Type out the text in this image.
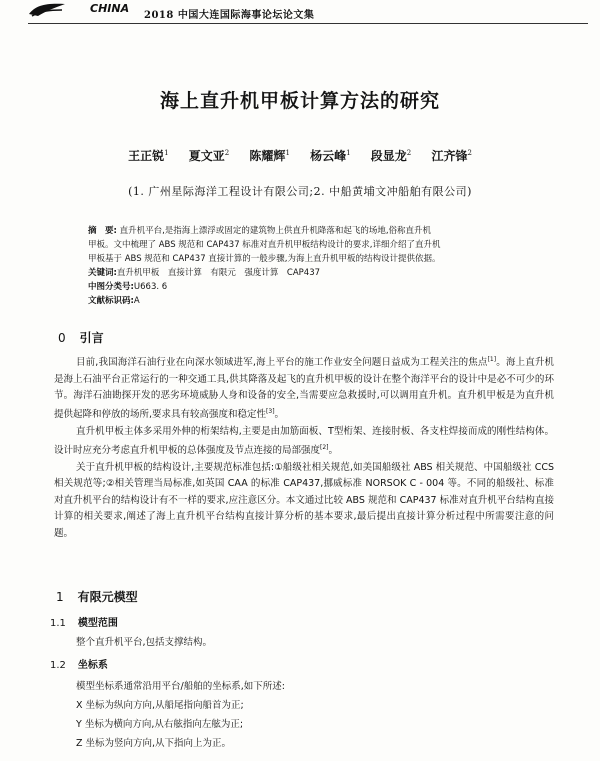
CHINA
2018 中国大连国际海事论坛论文集
海上直升机甲板计算方法的研究
王正锐$^1$ 夏文亚$^2$ 陈耀辉$^1$ 杨云峰$^1$ 段显龙$^2$ 江齐锋$^2$
(1. 广州星际海洋工程设计有限公司;2. 中船黄埔文冲船舶有限公司)
摘　要: 直升机平台,是指海上漂浮或固定的建筑物上供直升机降落和起飞的场地,俗称直升机
甲板。文中梳理了 ABS 规范和 CAP437 标准对直升机甲板结构设计的要求,详细介绍了直升机
甲板基于 ABS 规范和 CAP437 直接计算的一般步骤,为海上直升机甲板的结构设计提供依据。
关键词:直升机甲板　直接计算　有限元　强度计算　CAP437
中图分类号:U663. 6
文献标识码:A
0 引言

目前,我国海洋石油行业在向深水领域进军,海上平台的施工作业安全问题日益成为工程关注的焦点[1]。海上直升机是海上石油平台正常运行的一种交通工具,供其降落及起飞的直升机甲板的设计在整个海洋平台的设计中是必不可少的环节。海洋石油勘探开发的恶劣环境威胁人身和设备的安全,当需要应急救援时,可以调用直升机。直升机甲板是为直升机提供起降和停放的场所,要求具有较高强度和稳定性[3]。

直升机甲板主体多采用外伸的桁架结构,主要是由加筋面板、T型桁架、连接肘板、各支柱焊接而成的刚性结构体。设计时应充分考虑直升机甲板的总体强度及节点连接的局部强度[2]。

关于直升机甲板的结构设计,主要规范标准包括:①船级社相关规范,如美国船级社 ABS 相关规范、中国船级社 CCS 相关规范等;②相关管理当局标准,如英国 CAA 的标准 CAP437,挪威标准 NORSOK C - 004 等。不同的船级社、标准对直升机平台的结构设计有不一样的要求,应注意区分。本文通过比较 ABS 规范和 CAP437 标准对直升机平台结构直接计算的相关要求,阐述了海上直升机平台结构直接计算分析的基本要求,最后提出直接计算分析过程中所需要注意的问题。

1 有限元模型
1.1 模型范围
整个直升机平台,包括支撑结构。
1.2 坐标系
模型坐标系通常沿用平台/船舶的坐标系,如下所述:
X 坐标为纵向方向,从船尾指向船首为正;
Y 坐标为横向方向,从右舷指向左舷为正;
Z 坐标为竖向方向,从下指向上为正。
